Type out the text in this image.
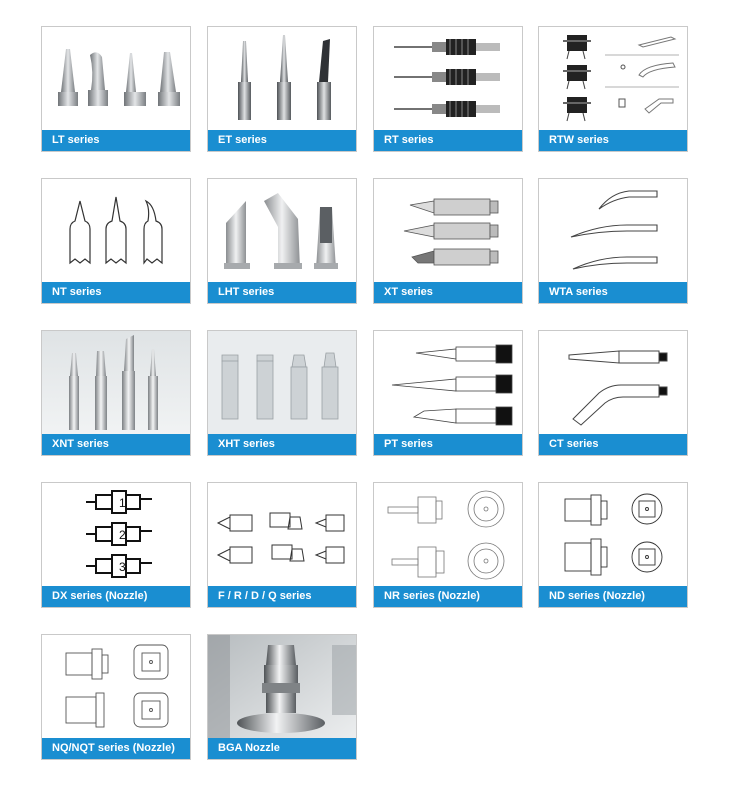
LT series	ET series	RT series	RTW series
NT series	LHT series	XT series	WTA series
XNT series	XHT series	PT series	CT series
1
2
3
DX series (Nozzle)	F / R / D / Q series	NR series (Nozzle)	ND series (Nozzle)
NQ/NQT series (Nozzle)	BGA Nozzle
